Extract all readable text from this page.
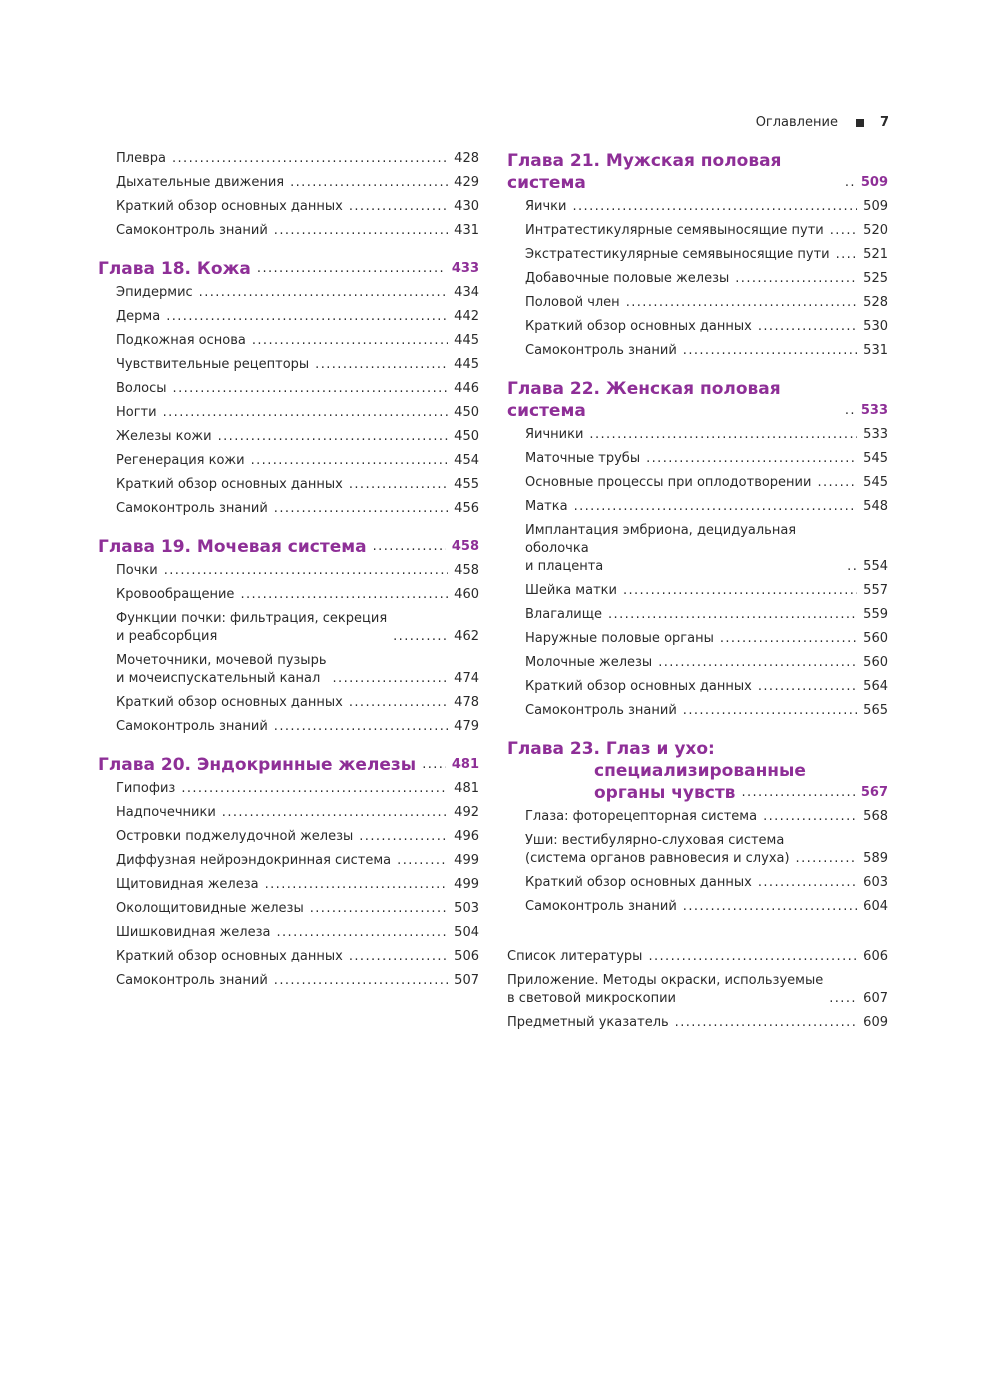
Оглавление	7
Плевра .....	428
Дыхательные движения .....	429
Краткий обзор основных данных .....	430
Самоконтроль знаний .....	431
Глава 18. Кожа .....	433
Эпидермис .....	434
Дерма .....	442
Подкожная основа .....	445
Чувствительные рецепторы .....	445
Волосы .....	446
Ногти .....	450
Железы кожи .....	450
Регенерация кожи .....	454
Краткий обзор основных данных .....	455
Самоконтроль знаний .....	456
Глава 19. Мочевая система .....	458
Почки .....	458
Кровообращение .....	460
Функции почки: фильтрация, секреция
и реабсорбция .....	462
Мочеточники, мочевой пузырь
и мочеиспускательный канал .....	474
Краткий обзор основных данных .....	478
Самоконтроль знаний .....	479
Глава 20. Эндокринные железы .....	481
Гипофиз .....	481
Надпочечники .....	492
Островки поджелудочной железы .....	496
Диффузная нейроэндокринная система .....	499
Щитовидная железа .....	499
Околощитовидные железы .....	503
Шишковидная железа .....	504
Краткий обзор основных данных .....	506
Самоконтроль знаний .....	507
Глава 21. Мужская половая система .....	509
Яички .....	509
Интратестикулярные семявыносящие пути .....	520
Экстратестикулярные семявыносящие пути .....	521
Добавочные половые железы .....	525
Половой член .....	528
Краткий обзор основных данных .....	530
Самоконтроль знаний .....	531
Глава 22. Женская половая система .....	533
Яичники .....	533
Маточные трубы .....	545
Основные процессы при оплодотворении .....	545
Матка .....	548
Имплантация эмбриона, децидуальная оболочка
и плацента .....	554
Шейка матки .....	557
Влагалище .....	559
Наружные половые органы .....	560
Молочные железы .....	560
Краткий обзор основных данных .....	564
Самоконтроль знаний .....	565
Глава 23. Глаз и ухо:
специализированные
органы чувств .....	567
Глаза: фоторецепторная система .....	568
Уши: вестибулярно-слуховая система
(система органов равновесия и слуха) .....	589
Краткий обзор основных данных .....	603
Самоконтроль знаний .....	604
Список литературы .....	606
Приложение. Методы окраски, используемые
в световой микроскопии .....	607
Предметный указатель .....	609
